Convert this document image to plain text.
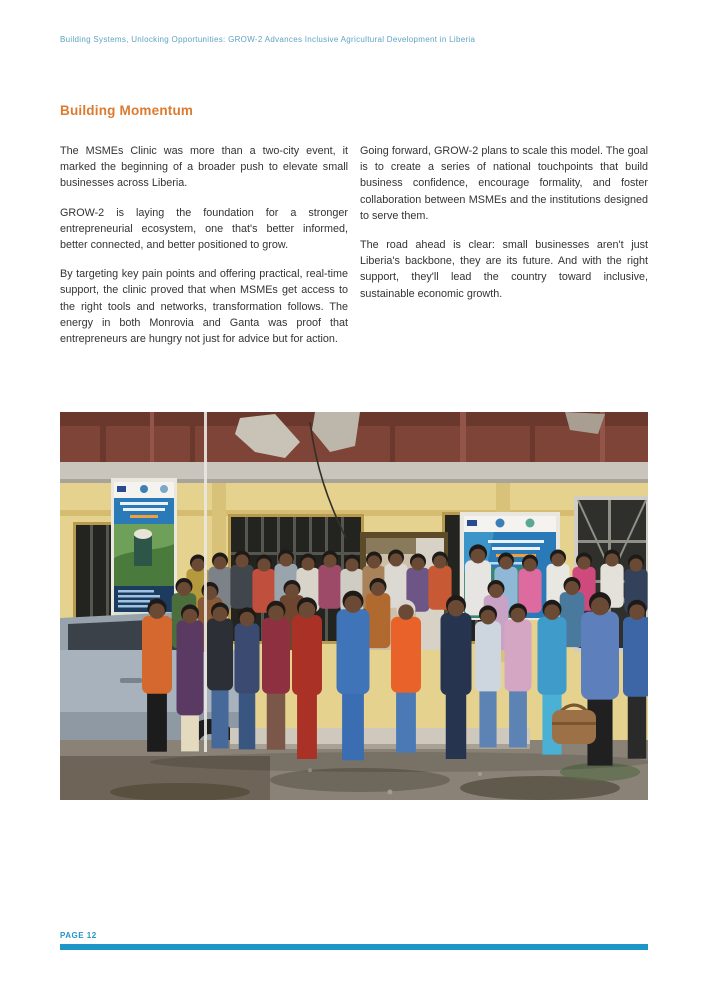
Building Systems, Unlocking Opportunities: GROW-2 Advances Inclusive Agricultural Development in Liberia
Building Momentum

The MSMEs Clinic was more than a two-city event, it marked the beginning of a broader push to elevate small businesses across Liberia.

GROW-2 is laying the foundation for a stronger entrepreneurial ecosystem, one that's better informed, better connected, and better positioned to grow.

By targeting key pain points and offering practical, real-time support, the clinic proved that when MSMEs get access to the right tools and networks, transformation follows. The energy in both Monrovia and Ganta was proof that entrepreneurs are hungry not just for advice but for action.

Going forward, GROW-2 plans to scale this model. The goal is to create a series of national touchpoints that build business confidence, encourage formality, and foster collaboration between MSMEs and the institutions designed to serve them.

The road ahead is clear: small businesses aren't just Liberia's backbone, they are its future. And with the right support, they'll lead the country toward inclusive, sustainable economic growth.

PAGE 12
